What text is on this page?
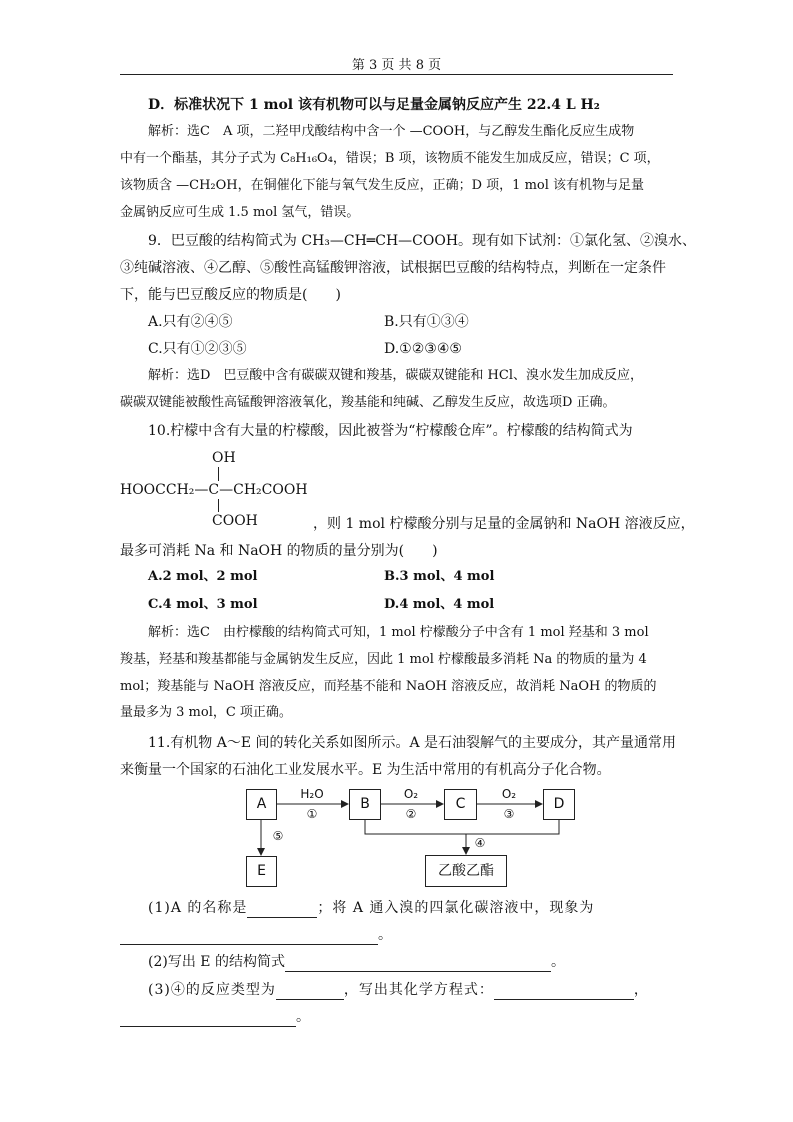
第 3 页 共 8 页
D．标准状况下 1 mol 该有机物可以与足量金属钠反应产生 22.4 L H₂
解析：选C　A 项，二羟甲戊酸结构中含一个 —COOH，与乙醇发生酯化反应生成物
中有一个酯基，其分子式为 C₈H₁₆O₄，错误；B 项，该物质不能发生加成反应，错误；C 项，
该物质含 —CH₂OH，在铜催化下能与氧气发生反应，正确；D 项，1 mol 该有机物与足量
金属钠反应可生成 1.5 mol 氢气，错误。
9．巴豆酸的结构简式为 CH₃—CH═CH—COOH。现有如下试剂：①氯化氢、②溴水、
③纯碱溶液、④乙醇、⑤酸性高锰酸钾溶液，试根据巴豆酸的结构特点，判断在一定条件
下，能与巴豆酸反应的物质是(　　)
A.只有②④⑤	B.只有①③④
C.只有①②③⑤	D.①②③④⑤
解析：选D　巴豆酸中含有碳碳双键和羧基，碳碳双键能和 HCl、溴水发生加成反应，
碳碳双键能被酸性高锰酸钾溶液氧化，羧基能和纯碱、乙醇发生反应，故选项D 正确。
10.柠檬中含有大量的柠檬酸，因此被誉为“柠檬酸仓库”。柠檬酸的结构简式为
OH
HOOCCH₂—C—CH₂COOH
COOH	，则 1 mol 柠檬酸分别与足量的金属钠和 NaOH 溶液反应，
最多可消耗 Na 和 NaOH 的物质的量分别为(　　)
A.2 mol、2 mol	B.3 mol、4 mol
C.4 mol、3 mol	D.4 mol、4 mol
解析：选C　由柠檬酸的结构简式可知，1 mol 柠檬酸分子中含有 1 mol 羟基和 3 mol
羧基，羟基和羧基都能与金属钠发生反应，因此 1 mol 柠檬酸最多消耗 Na 的物质的量为 4
mol；羧基能与 NaOH 溶液反应，而羟基不能和 NaOH 溶液反应，故消耗 NaOH 的物质的
量最多为 3 mol，C 项正确。
11.有机物 A～E 间的转化关系如图所示。A 是石油裂解气的主要成分，其产量通常用
来衡量一个国家的石油化工业发展水平。E 为生活中常用的有机高分子化合物。
A	B	C	D
E	乙酸乙酯
H₂O
①
O₂
②
O₂
③
⑤	④
(1)A 的名称是	；将 A 通入溴的四氯化碳溶液中，现象为
。
(2)写出 E 的结构简式	。
(3)④的反应类型为	，写出其化学方程式：	，
。
